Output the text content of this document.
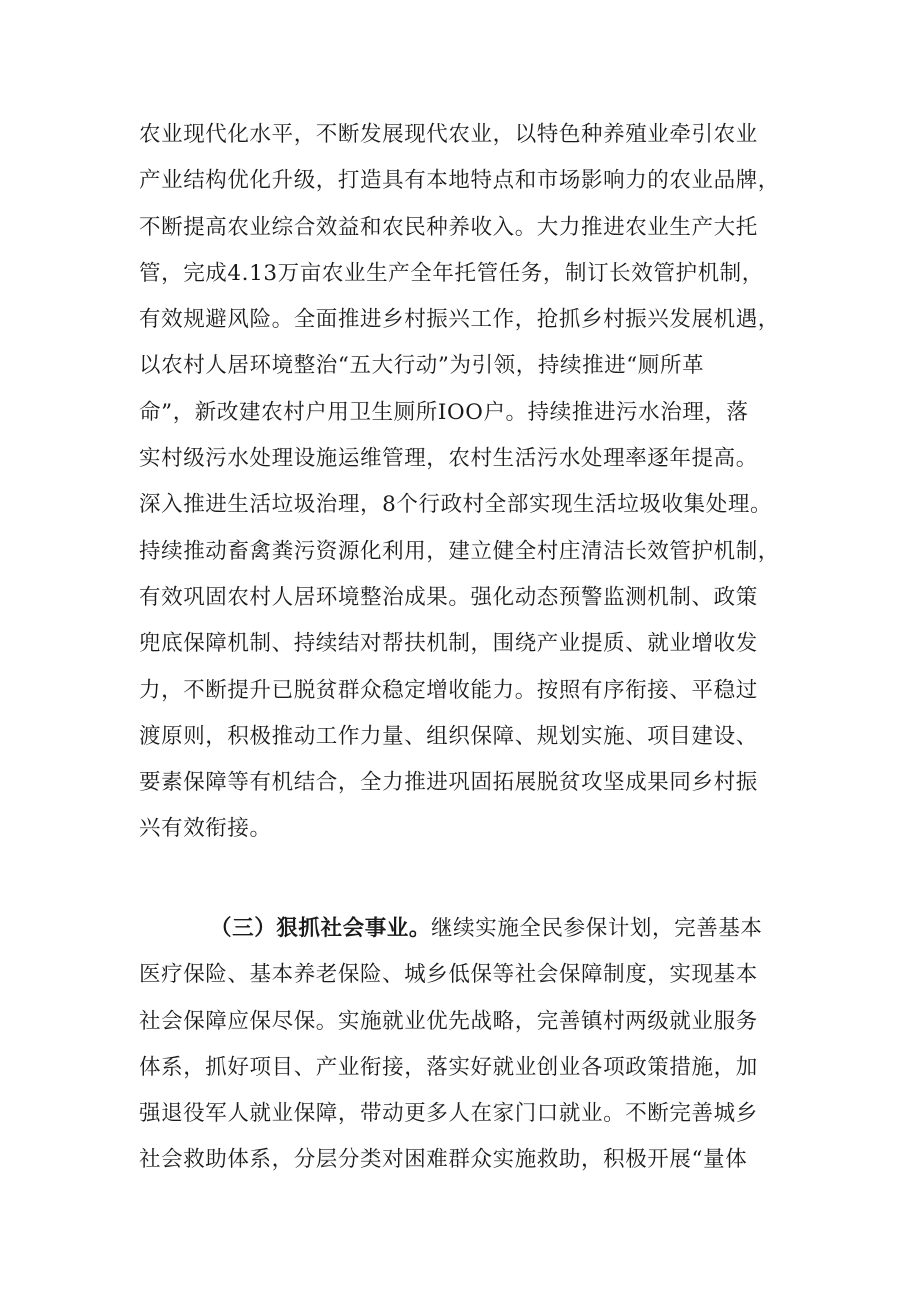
农业现代化水平，不断发展现代农业，以特色种养殖业牵引农业
产业结构优化升级，打造具有本地特点和市场影响力的农业品牌，
不断提高农业综合效益和农民种养收入。大力推进农业生产大托
管，完成4.13万亩农业生产全年托管任务，制订长效管护机制，
有效规避风险。全面推进乡村振兴工作，抢抓乡村振兴发展机遇，
以农村人居环境整治“五大行动”为引领，持续推进“厕所革
命”，新改建农村户用卫生厕所IOO户。持续推进污水治理，落
实村级污水处理设施运维管理，农村生活污水处理率逐年提高。
深入推进生活垃圾治理，8个行政村全部实现生活垃圾收集处理。
持续推动畜禽粪污资源化利用，建立健全村庄清洁长效管护机制，
有效巩固农村人居环境整治成果。强化动态预警监测机制、政策
兜底保障机制、持续结对帮扶机制，围绕产业提质、就业增收发
力，不断提升已脱贫群众稳定增收能力。按照有序衔接、平稳过
渡原则，积极推动工作力量、组织保障、规划实施、项目建设、
要素保障等有机结合，全力推进巩固拓展脱贫攻坚成果同乡村振
兴有效衔接。
（三）狠抓社会事业。继续实施全民参保计划，完善基本
医疗保险、基本养老保险、城乡低保等社会保障制度，实现基本
社会保障应保尽保。实施就业优先战略，完善镇村两级就业服务
体系，抓好项目、产业衔接，落实好就业创业各项政策措施，加
强退役军人就业保障，带动更多人在家门口就业。不断完善城乡
社会救助体系，分层分类对困难群众实施救助，积极开展“量体
